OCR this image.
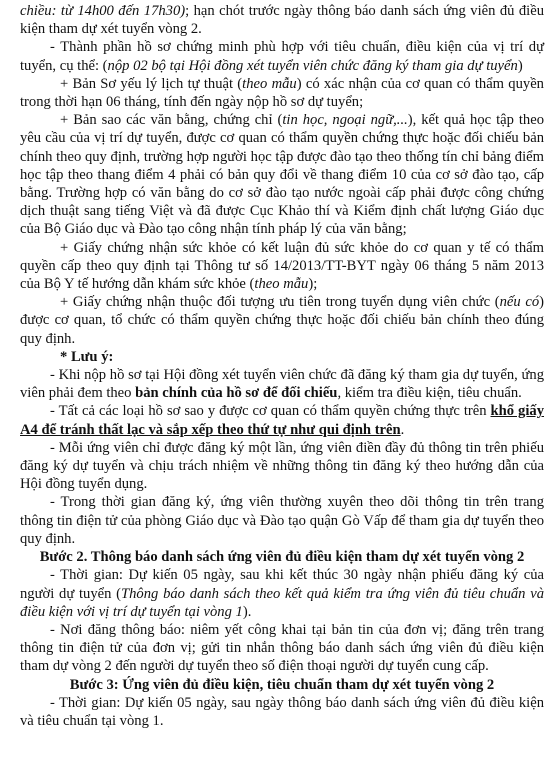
chiều: từ 14h00 đến 17h30); hạn chót trước ngày thông báo danh sách ứng viên đủ điều kiện tham dự xét tuyển vòng 2.

- Thành phần hồ sơ chứng minh phù hợp với tiêu chuẩn, điều kiện của vị trí dự tuyển, cụ thể: (nộp 02 bộ tại Hội đồng xét tuyển viên chức đăng ký tham gia dự tuyển)

+ Bản Sơ yếu lý lịch tự thuật (theo mẫu) có xác nhận của cơ quan có thẩm quyền trong thời hạn 06 tháng, tính đến ngày nộp hồ sơ dự tuyển;

+ Bản sao các văn bằng, chứng chỉ (tin học, ngoại ngữ,...), kết quả học tập theo yêu cầu của vị trí dự tuyển, được cơ quan có thẩm quyền chứng thực hoặc đối chiếu bản chính theo quy định, trường hợp người học tập được đào tạo theo thống tín chỉ bảng điểm học tập theo thang điểm 4 phải có bản quy đổi về thang điểm 10 của cơ sở đào tạo, cấp bằng. Trường hợp có văn bằng do cơ sở đào tạo nước ngoài cấp phải được công chứng dịch thuật sang tiếng Việt và đã được Cục Khảo thí và Kiểm định chất lượng Giáo dục của Bộ Giáo dục và Đào tạo công nhận tính pháp lý của văn bằng;

+ Giấy chứng nhận sức khỏe có kết luận đủ sức khỏe do cơ quan y tế có thẩm quyền cấp theo quy định tại Thông tư số 14/2013/TT-BYT ngày 06 tháng 5 năm 2013 của Bộ Y tế hướng dẫn khám sức khỏe (theo mẫu);

+ Giấy chứng nhận thuộc đối tượng ưu tiên trong tuyển dụng viên chức (nếu có) được cơ quan, tổ chức có thẩm quyền chứng thực hoặc đối chiếu bản chính theo đúng quy định.

* Lưu ý:

- Khi nộp hồ sơ tại Hội đồng xét tuyển viên chức đã đăng ký tham gia dự tuyển, ứng viên phải đem theo bản chính của hồ sơ để đối chiếu, kiểm tra điều kiện, tiêu chuẩn.

- Tất cả các loại hồ sơ sao y được cơ quan có thẩm quyền chứng thực trên khổ giấy A4 để tránh thất lạc và sắp xếp theo thứ tự như qui định trên.

- Mỗi ứng viên chỉ được đăng ký một lần, ứng viên điền đầy đủ thông tin trên phiếu đăng ký dự tuyển và chịu trách nhiệm về những thông tin đăng ký theo hướng dẫn của Hội đồng tuyển dụng.

- Trong thời gian đăng ký, ứng viên thường xuyên theo dõi thông tin trên trang thông tin điện tử của phòng Giáo dục và Đào tạo quận Gò Vấp để tham gia dự tuyển theo quy định.

Bước 2. Thông báo danh sách ứng viên đủ điều kiện tham dự xét tuyển vòng 2

- Thời gian: Dự kiến 05 ngày, sau khi kết thúc 30 ngày nhận phiếu đăng ký của người dự tuyển (Thông báo danh sách theo kết quả kiểm tra ứng viên đủ tiêu chuẩn và điều kiện với vị trí dự tuyển tại vòng 1).

- Nơi đăng thông báo: niêm yết công khai tại bản tin của đơn vị; đăng trên trang thông tin điện tử của đơn vị; gửi tin nhắn thông báo danh sách ứng viên đủ điều kiện tham dự vòng 2 đến người dự tuyển theo số điện thoại người dự tuyển cung cấp.

Bước 3: Ứng viên đủ điều kiện, tiêu chuẩn tham dự xét tuyển vòng 2

- Thời gian: Dự kiến 05 ngày, sau ngày thông báo danh sách ứng viên đủ điều kiện và tiêu chuẩn tại vòng 1.
